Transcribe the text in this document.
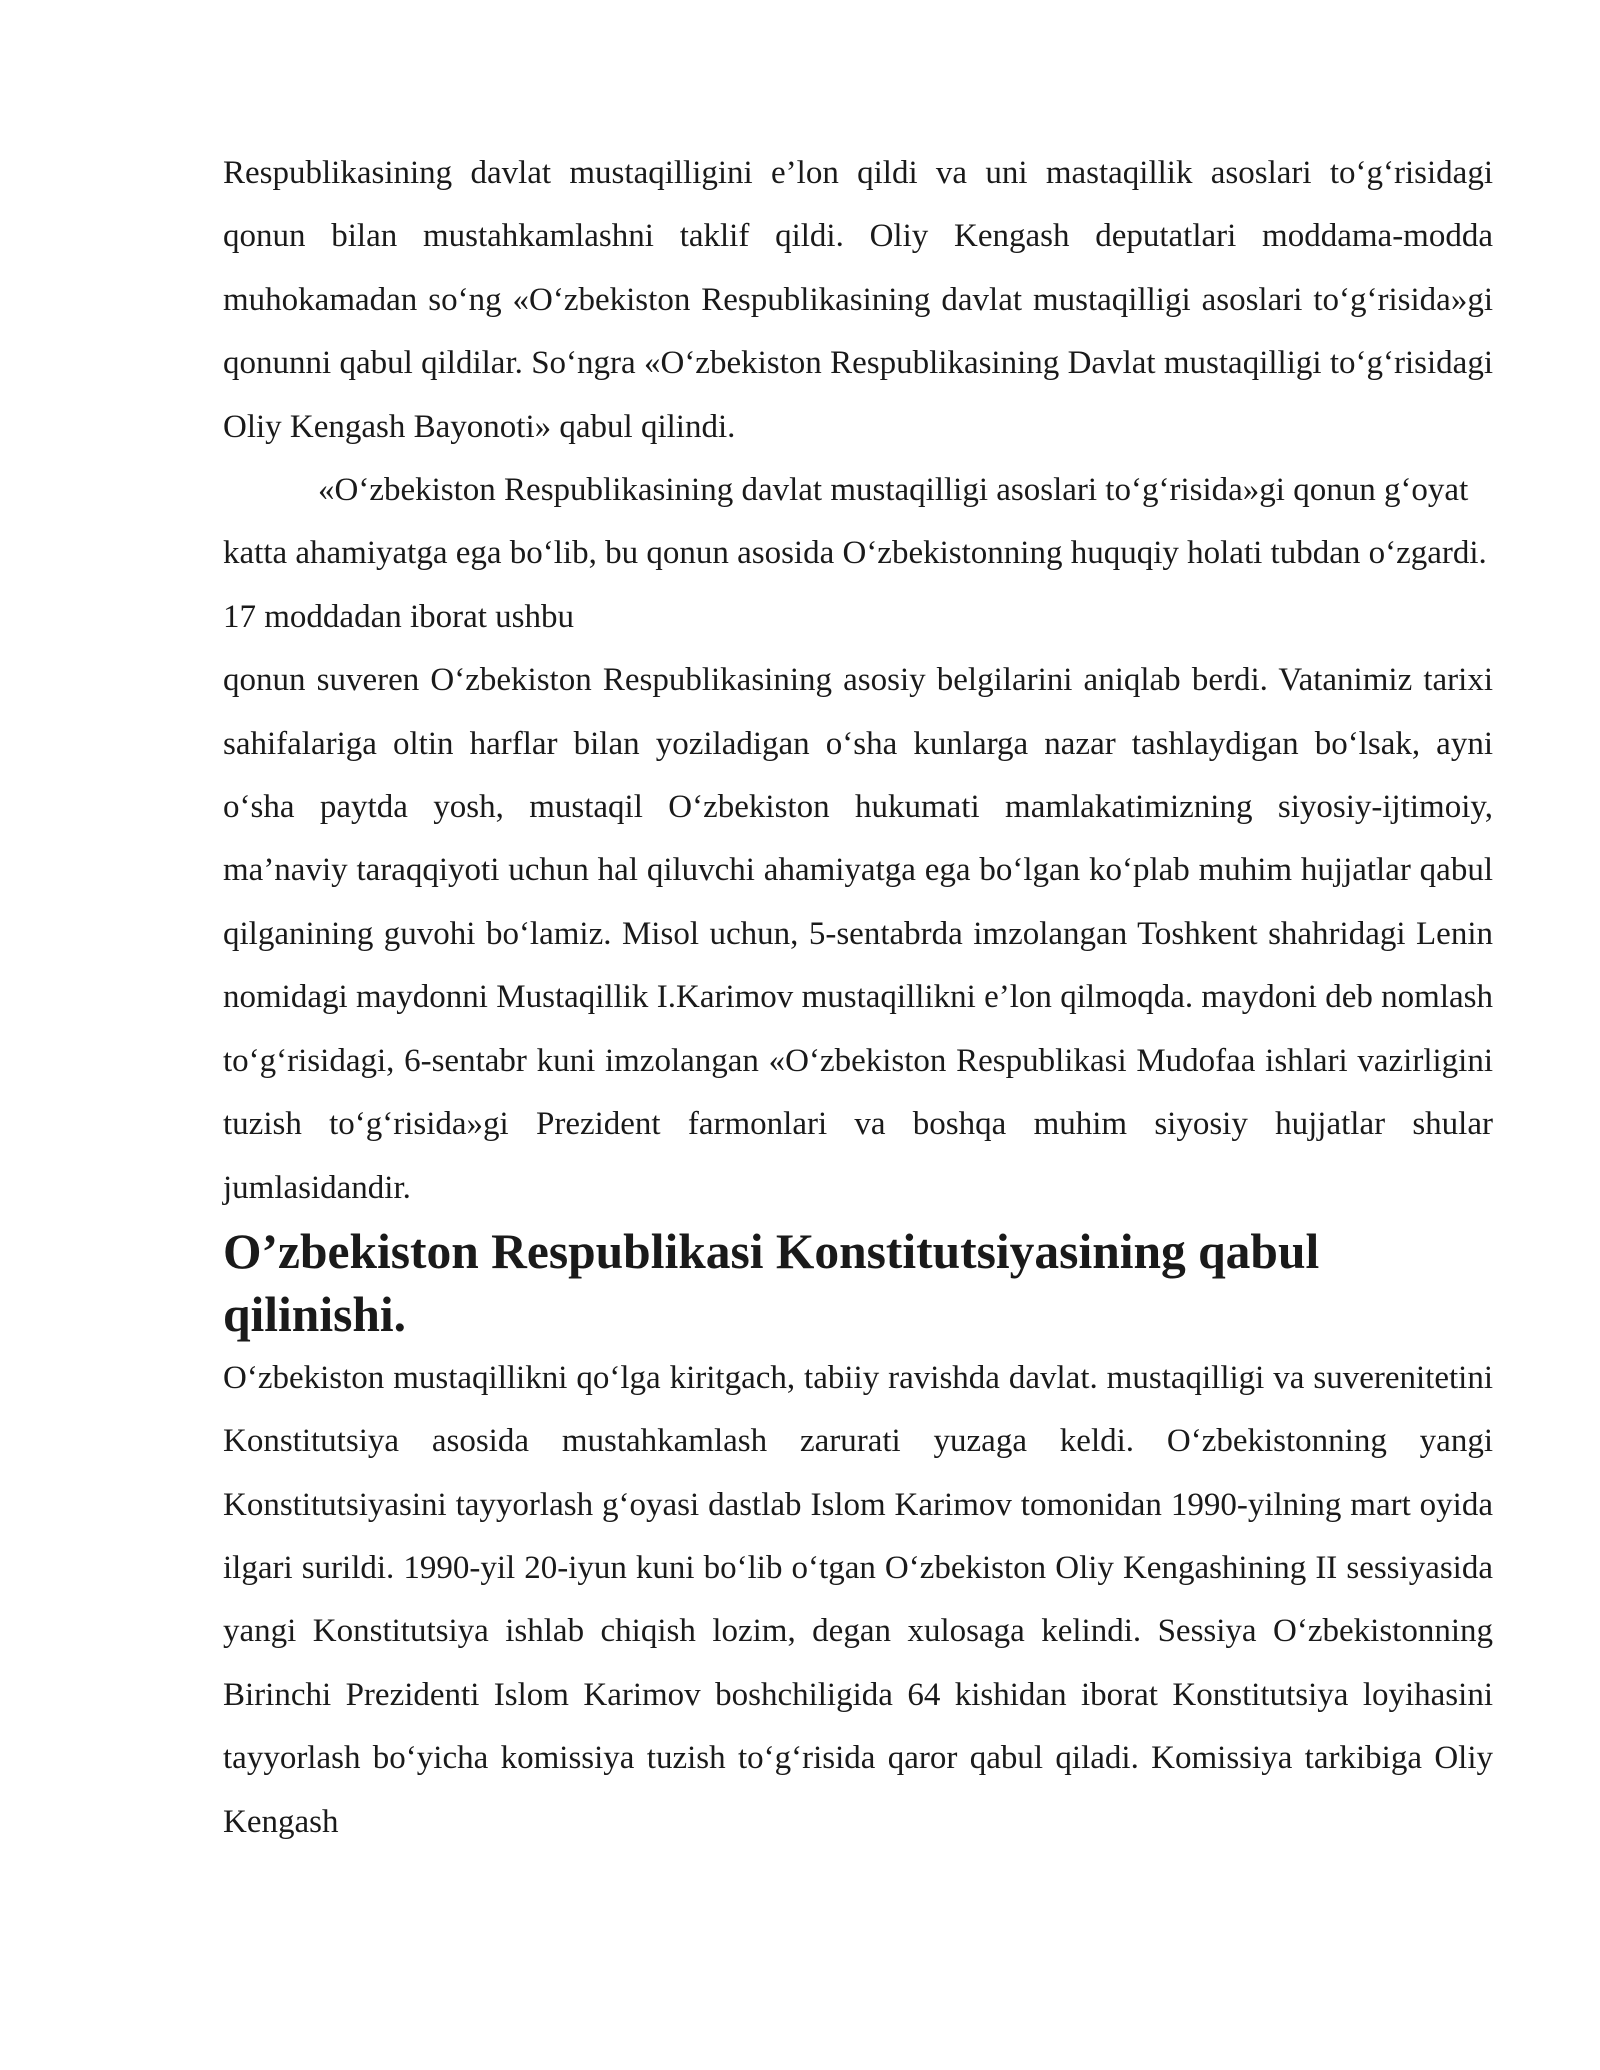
Respublikasining davlat mustaqilligini e’lon qildi va uni mastaqillik asoslari to‘g‘risidagi qonun bilan mustahkamlashni taklif qildi. Oliy Kengash deputatlari moddama-modda muhokamadan so‘ng «O‘zbekiston Respublikasining davlat mustaqilligi asoslari to‘g‘risida»gi qonunni qabul qildilar. So‘ngra «O‘zbekiston Respublikasining Davlat mustaqilligi to‘g‘risidagi Oliy Kengash Bayonoti» qabul qilindi.

«O‘zbekiston Respublikasining davlat mustaqilligi asoslari to‘g‘risida»gi qonun g‘oyat katta ahamiyatga ega bo‘lib, bu qonun asosida O‘zbekistonning huquqiy holati tubdan o‘zgardi. 17 moddadan iborat ushbu

qonun suveren O‘zbekiston Respublikasining asosiy belgilarini aniqlab berdi. Vatanimiz tarixi sahifalariga oltin harflar bilan yoziladigan o‘sha kunlarga nazar tashlaydigan bo‘lsak, ayni o‘sha paytda yosh, mustaqil O‘zbekiston hukumati mamlakatimizning siyosiy-ijtimoiy, ma’naviy taraqqiyoti uchun hal qiluvchi ahamiyatga ega bo‘lgan ko‘plab muhim hujjatlar qabul qilganining guvohi bo‘lamiz. Misol uchun, 5-sentabrda imzolangan Toshkent shahridagi Lenin nomidagi maydonni Mustaqillik I.Karimov mustaqillikni e’lon qilmoqda. maydoni deb nomlash to‘g‘risidagi, 6-sentabr kuni imzolangan «O‘zbekiston Respublikasi Mudofaa ishlari vazirligini tuzish to‘g‘risida»gi Prezident farmonlari va boshqa muhim siyosiy hujjatlar shular jumlasidandir.

O’zbekiston Respublikasi Konstitutsiyasining qabul qilinishi.

O‘zbekiston mustaqillikni qo‘lga kiritgach, tabiiy ravishda davlat. mustaqilligi va suverenitetini Konstitutsiya asosida mustahkamlash zarurati yuzaga keldi. O‘zbekistonning yangi Konstitutsiyasini tayyorlash g‘oyasi dastlab Islom Karimov tomonidan 1990-yilning mart oyida ilgari surildi. 1990-yil 20-iyun kuni bo‘lib o‘tgan O‘zbekiston Oliy Kengashining II sessiyasida yangi Konstitutsiya ishlab chiqish lozim, degan xulosaga kelindi. Sessiya O‘zbekistonning Birinchi Prezidenti Islom Karimov boshchiligida 64 kishidan iborat Konstitutsiya loyihasini tayyorlash bo‘yicha komissiya tuzish to‘g‘risida qaror qabul qiladi. Komissiya tarkibiga Oliy Kengash
